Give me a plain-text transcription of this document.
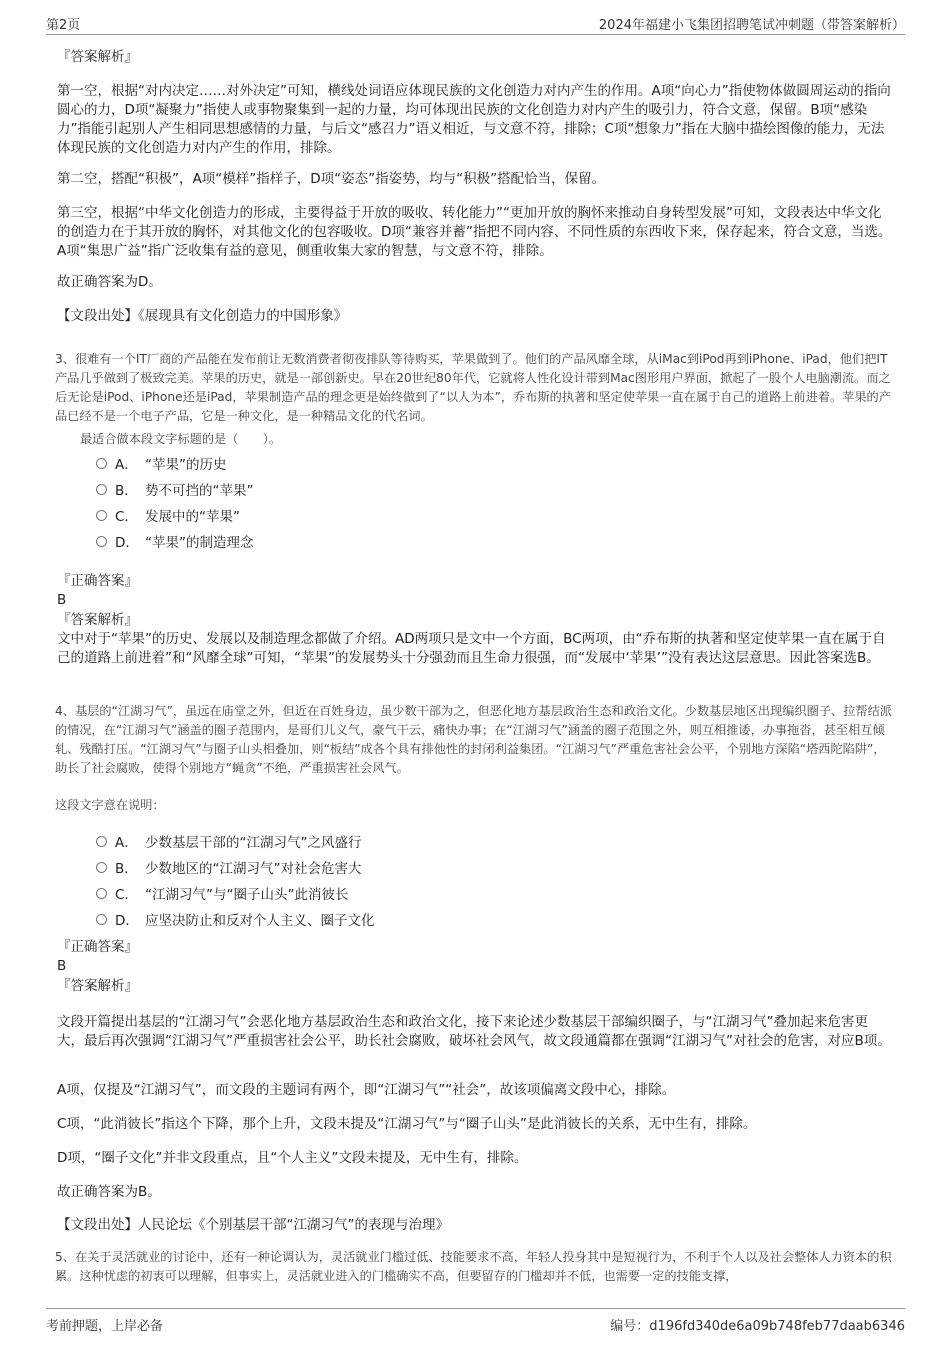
第2页	2024年福建小飞集团招聘笔试冲刺题（带答案解析）
『答案解析』
第一空，根据“对内决定……对外决定”可知，横线处词语应体现民族的文化创造力对内产生的作用。A项“向心力”指使物体做圆周运动的指向圆心的力，D项“凝聚力”指使人或事物聚集到一起的力量，均可体现出民族的文化创造力对内产生的吸引力，符合文意，保留。B项“感染力”指能引起别人产生相同思想感情的力量，与后文“感召力”语义相近，与文意不符，排除；C项“想象力”指在大脑中描绘图像的能力，无法体现民族的文化创造力对内产生的作用，排除。
第二空，搭配“积极”，A项“模样”指样子，D项“姿态”指姿势，均与“积极”搭配恰当，保留。
第三空，根据“中华文化创造力的形成，主要得益于开放的吸收、转化能力”“更加开放的胸怀来推动自身转型发展”可知，文段表达中华文化的创造力在于其开放的胸怀，对其他文化的包容吸收。D项“兼容并蓄”指把不同内容、不同性质的东西收下来，保存起来，符合文意，当选。A项“集思广益”指广泛收集有益的意见，侧重收集大家的智慧，与文意不符，排除。
故正确答案为D。
【文段出处】《展现具有文化创造力的中国形象》
3、很难有一个IT厂商的产品能在发布前让无数消费者彻夜排队等待购买，苹果做到了。他们的产品风靡全球，从iMac到iPod再到iPhone、iPad，他们把IT产品几乎做到了极致完美。苹果的历史，就是一部创新史。早在20世纪80年代，它就将人性化设计带到Mac图形用户界面，掀起了一股个人电脑潮流。而之后无论是iPod、iPhone还是iPad，苹果制造产品的理念更是始终做到了“以人为本”，乔布斯的执著和坚定使苹果一直在属于自己的道路上前进着。苹果的产品已经不是一个电子产品，它是一种文化，是一种精品文化的代名词。
最适合做本段文字标题的是（　　）。
A． “苹果”的历史
B． 势不可挡的“苹果”
C． 发展中的“苹果”
D． “苹果”的制造理念
『正确答案』
B
『答案解析』
文中对于“苹果”的历史、发展以及制造理念都做了介绍。AD两项只是文中一个方面，BC两项，由“乔布斯的执著和坚定使苹果一直在属于自己的道路上前进着”和“风靡全球”可知，“苹果”的发展势头十分强劲而且生命力很强，而“发展中‘苹果’”没有表达这层意思。因此答案选B。
4、基层的“江湖习气”，虽远在庙堂之外，但近在百姓身边，虽少数干部为之，但恶化地方基层政治生态和政治文化。少数基层地区出现编织圈子、拉帮结派的情况，在“江湖习气”涵盖的圈子范围内，是哥们儿义气，豪气干云，痛快办事；在“江湖习气”涵盖的圈子范围之外，则互相推诿，办事拖沓，甚至相互倾轧、残酷打压。“江湖习气”与圈子山头相叠加，则“板结”成各个具有排他性的封闭利益集团。“江湖习气”严重危害社会公平，个别地方深陷“塔西陀陷阱”，助长了社会腐败，使得个别地方“蝇贪”不绝，严重损害社会风气。
这段文字意在说明：
A． 少数基层干部的“江湖习气”之风盛行
B． 少数地区的“江湖习气”对社会危害大
C． “江湖习气”与“圈子山头”此消彼长
D． 应坚决防止和反对个人主义、圈子文化
『正确答案』
B
『答案解析』
文段开篇提出基层的“江湖习气”会恶化地方基层政治生态和政治文化，接下来论述少数基层干部编织圈子，与“江湖习气”叠加起来危害更大，最后再次强调“江湖习气”严重损害社会公平，助长社会腐败，破坏社会风气，故文段通篇都在强调“江湖习气”对社会的危害，对应B项。
A项，仅提及“江湖习气”，而文段的主题词有两个，即“江湖习气”“社会”，故该项偏离文段中心，排除。
C项，“此消彼长”指这个下降，那个上升，文段未提及“江湖习气”与“圈子山头”是此消彼长的关系，无中生有，排除。
D项，“圈子文化”并非文段重点，且“个人主义”文段未提及，无中生有，排除。
故正确答案为B。
【文段出处】人民论坛《个别基层干部“江湖习气”的表现与治理》
5、在关于灵活就业的讨论中，还有一种论调认为，灵活就业门槛过低、技能要求不高，年轻人投身其中是短视行为，不利于个人以及社会整体人力资本的积累。这种忧虑的初衷可以理解，但事实上，灵活就业进入的门槛确实不高，但要留存的门槛却并不低，也需要一定的技能支撑，
考前押题，上岸必备	编号：d196fd340de6a09b748feb77daab6346
